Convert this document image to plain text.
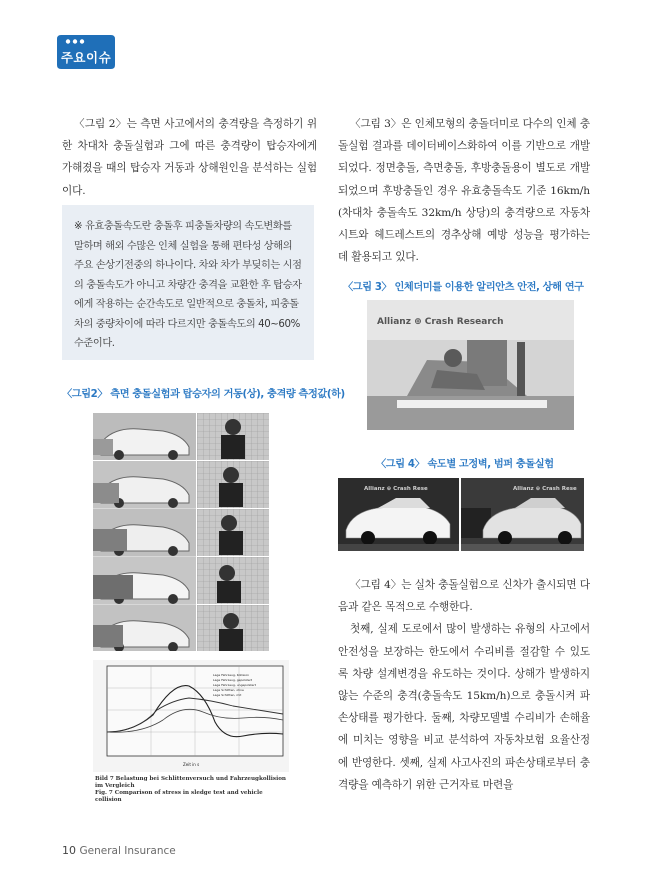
주요이슈

〈그림 2〉는 측면 사고에서의 충격량을 측정하기 위한 차대차 충돌실험과 그에 따른 충격량이 탑승자에게 가해졌을 때의 탑승자 거동과 상해원인을 분석하는 실험이다.

※ 유효충돌속도란 충돌후 피충돌차량의 속도변화를 말하며 해외 수많은 인체 실험을 통해 편타성 상해의 주요 손상기전중의 하나이다. 차와 차가 부딪히는 시점의 충돌속도가 아니고 차량간 충격을 교환한 후 탑승자에게 작용하는 순간속도로 일반적으로 충돌차, 피충돌차의 중량차이에 따라 다르지만 충돌속도의 40~60% 수준이다.
〈그림2〉 측면 충돌실험과 탑승자의 거동(상), 충격량 측정값(하)
Lage Fahrzeug, Kollision
Lage Fahrzeug, gepolstert
Lage Fahrzeug, ungepolstert
Lage Schlitten, ohne
Lage Schlitten, mit
Zeit in s
Bild 7 Belastung bei Schlittenversuch und Fahrzeugkollision im Vergleich
Fig. 7 Comparison of stress in sledge test and vehicle collision

〈그림 3〉은 인체모형의 충돌더미로 다수의 인체 충돌실험 결과를 데이터베이스화하여 이를 기반으로 개발되었다. 정면충돌, 측면충돌, 후방충돌용이 별도로 개발되었으며 후방충돌인 경우 유효충돌속도 기준 16km/h (차대차 충돌속도 32km/h 상당)의 충격량으로 자동차 시트와 헤드레스트의 경추상해 예방 성능을 평가하는 데 활용되고 있다.

〈그림 3〉 인체더미를 이용한 알리안츠 안전, 상해 연구
Allianz ⊕ Crash Research
〈그림 4〉 속도별 고정벽, 범퍼 충돌실험
Allianz ⊕ Crash Rese	Allianz ⊕ Crash Rese

〈그림 4〉는 실차 충돌실험으로 신차가 출시되면 다음과 같은 목적으로 수행한다.

첫째, 실제 도로에서 많이 발생하는 유형의 사고에서 안전성을 보장하는 한도에서 수리비를 절감할 수 있도록 차량 설계변경을 유도하는 것이다. 상해가 발생하지 않는 수준의 충격(충돌속도 15km/h)으로 충돌시켜 파손상태를 평가한다. 둘째, 차량모델별 수리비가 손해율에 미치는 영향을 비교 분석하여 자동차보험 요율산정에 반영한다. 셋째, 실제 사고사진의 파손상태로부터 충격량을 예측하기 위한 근거자료 마련을

10 General Insurance
